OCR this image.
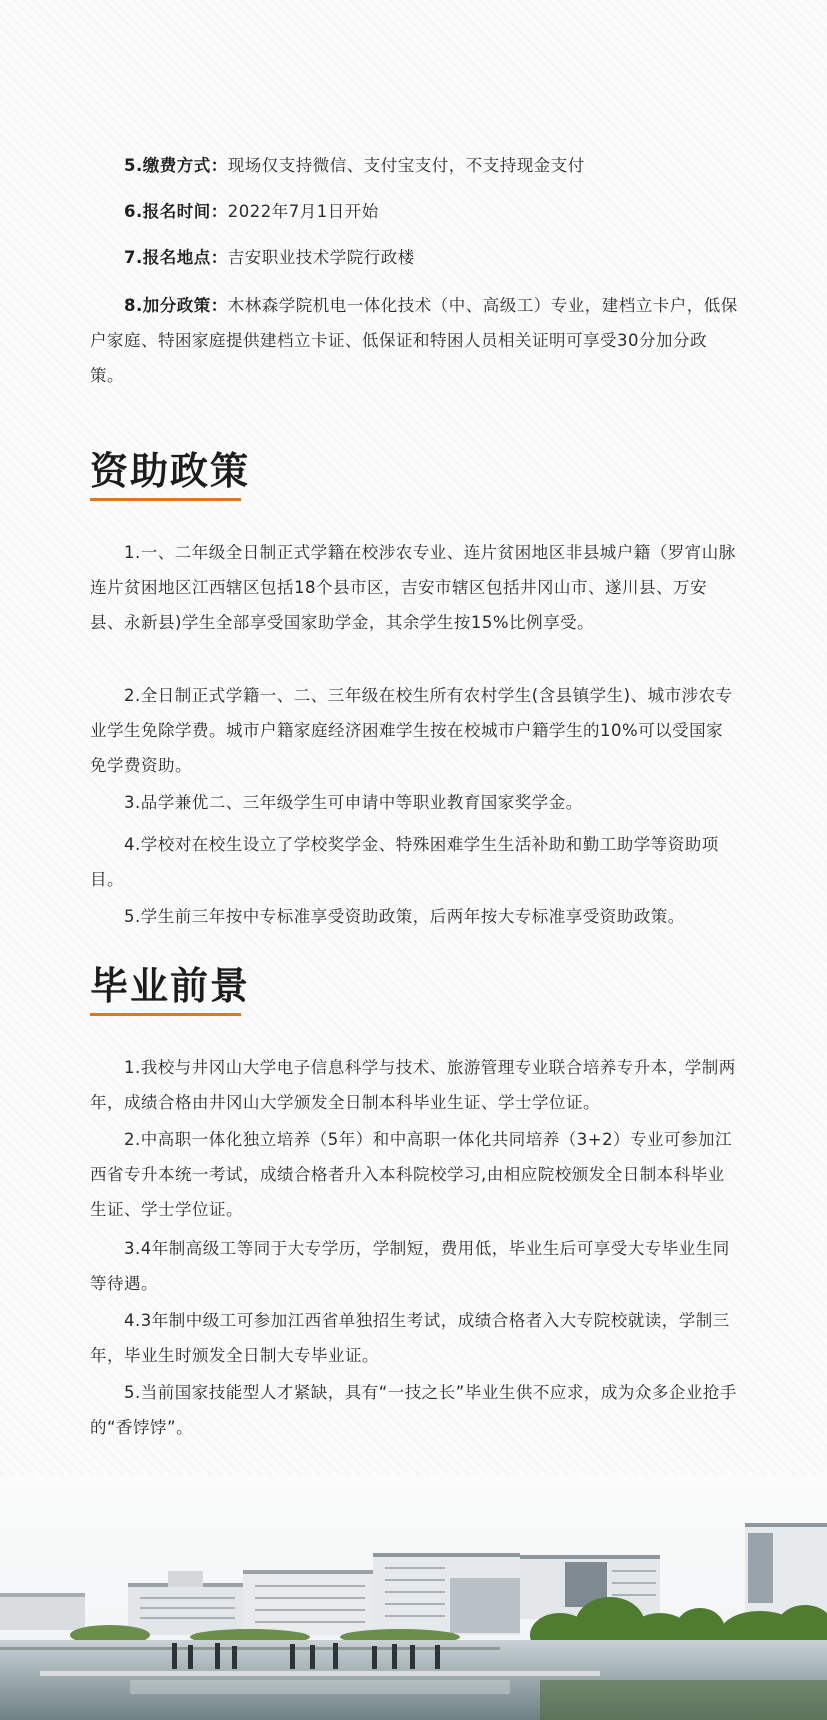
5.缴费方式：现场仅支持微信、支付宝支付，不支持现金支付

6.报名时间：2022年7月1日开始

7.报名地点：吉安职业技术学院行政楼

8.加分政策：木林森学院机电一体化技术（中、高级工）专业，建档立卡户，低保户家庭、特困家庭提供建档立卡证、低保证和特困人员相关证明可享受30分加分政策。

资助政策

1.一、二年级全日制正式学籍在校涉农专业、连片贫困地区非县城户籍（罗宵山脉连片贫困地区江西辖区包括18个县市区，吉安市辖区包括井冈山市、遂川县、万安县、永新县)学生全部享受国家助学金，其余学生按15%比例享受。

2.全日制正式学籍一、二、三年级在校生所有农村学生(含县镇学生)、城市涉农专业学生免除学费。城市户籍家庭经济困难学生按在校城市户籍学生的10%可以受国家免学费资助。

3.品学兼优二、三年级学生可申请中等职业教育国家奖学金。

4.学校对在校生设立了学校奖学金、特殊困难学生生活补助和勤工助学等资助项目。

5.学生前三年按中专标准享受资助政策，后两年按大专标准享受资助政策。

毕业前景

1.我校与井冈山大学电子信息科学与技术、旅游管理专业联合培养专升本，学制两年，成绩合格由井冈山大学颁发全日制本科毕业生证、学士学位证。

2.中高职一体化独立培养（5年）和中高职一体化共同培养（3+2）专业可参加江西省专升本统一考试，成绩合格者升入本科院校学习,由相应院校颁发全日制本科毕业生证、学士学位证。

3.4年制高级工等同于大专学历，学制短，费用低，毕业生后可享受大专毕业生同等待遇。

4.3年制中级工可参加江西省单独招生考试，成绩合格者入大专院校就读，学制三年，毕业生时颁发全日制大专毕业证。

5.当前国家技能型人才紧缺，具有“一技之长”毕业生供不应求，成为众多企业抢手的“香饽饽”。
